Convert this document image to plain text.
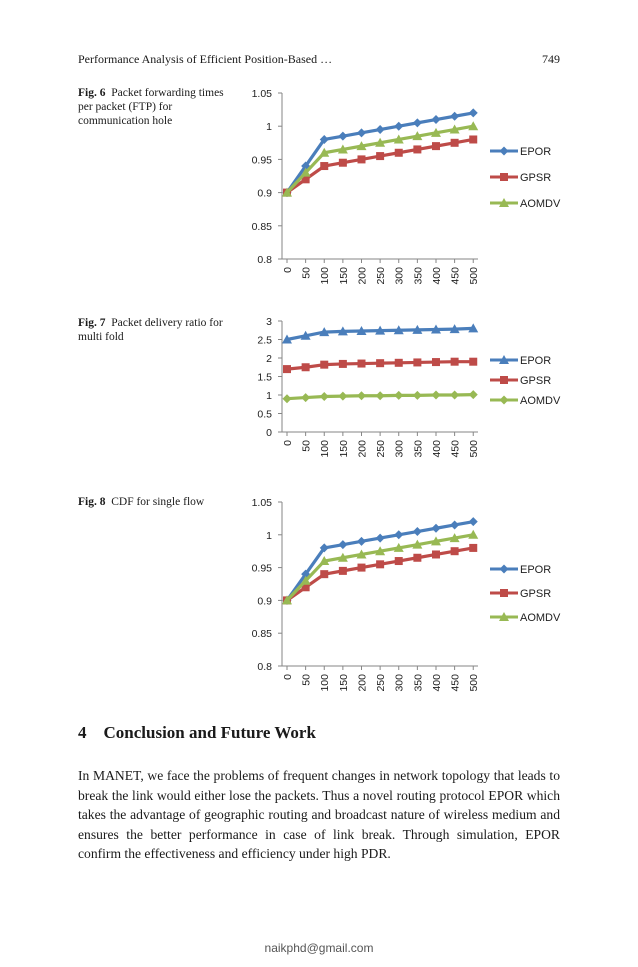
Performance Analysis of Efficient Position-Based …	749
Fig. 6 Packet forwarding times per packet (FTP) for communication hole
1.05
1
0.95
0.9
0.85
0.8
0 50 100 150 200 250 300 350 400 450 500
EPOR
GPSR
AOMDV
Fig. 7 Packet delivery ratio for multi fold
3
2.5
2
1.5
1
0.5
0
0 50 100 150 200 250 300 350 400 450 500
EPOR
GPSR
AOMDV
Fig. 8 CDF for single flow	1.05
1
0.95
0.9
0.85
0.8
0 50 100 150 200 250 300 350 400 450 500
EPOR
GPSR
AOMDV
4 Conclusion and Future Work
In MANET, we face the problems of frequent changes in network topology that leads to break the link would either lose the packets. Thus a novel routing protocol EPOR which takes the advantage of geographic routing and broadcast nature of wireless medium and ensures the better performance in case of link break. Through simulation, EPOR confirm the effectiveness and efficiency under high PDR.
naikphd@gmail.com
